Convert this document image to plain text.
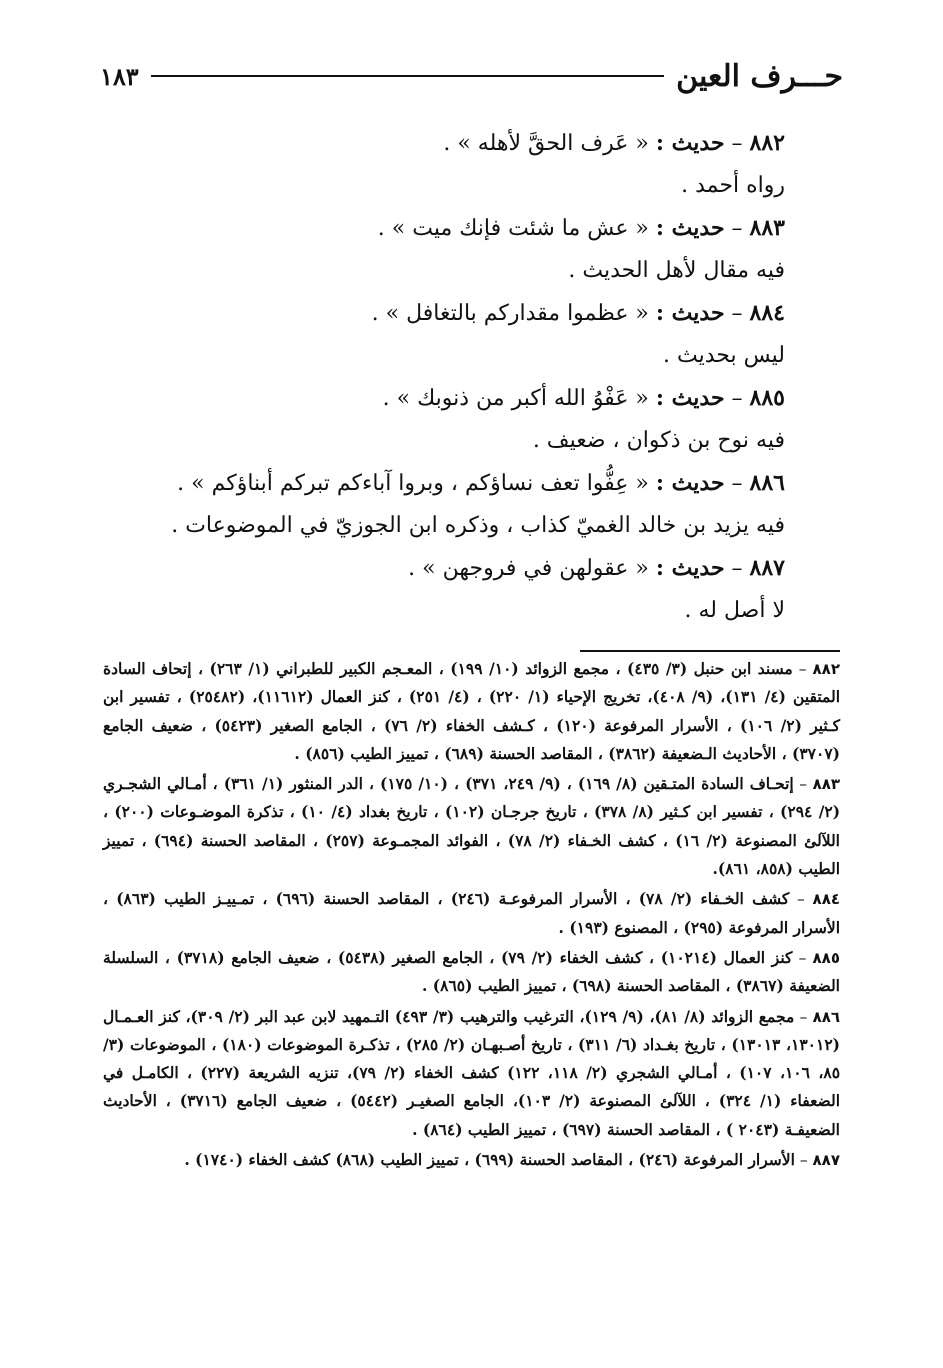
حـــرف العين
١٨٣
٨٨٢ – حديث : « عَرف الحقَّ لأهله » .
رواه أحمد .
٨٨٣ – حديث : « عش ما شئت فإنك ميت » .
فيه مقال لأهل الحديث .
٨٨٤ – حديث : « عظموا مقداركم بالتغافل » .
ليس بحديث .
٨٨٥ – حديث : « عَفْوُ الله أكبر من ذنوبك » .
فيه نوح بن ذكوان ، ضعيف .
٨٨٦ – حديث : « عِفُّوا تعف نساؤكم ، وبروا آباءكم تبركم أبناؤكم » .
فيه يزيد بن خالد الغميّ كذاب ، وذكره ابن الجوزيّ في الموضوعات .
٨٨٧ – حديث : « عقولهن في فروجهن » .
لا أصل له .
٨٨٢ – مسند ابن حنبل (٣/ ٤٣٥) ، مجمع الزوائد (١٠/ ١٩٩) ، المعـجم الكبير للطبراني (١/ ٢٦٣) ، إتحاف السادة المتقين (٤/ ١٣١)، (٩/ ٤٠٨)، تخريج الإحياء (١/ ٢٢٠) ، (٤/ ٢٥١) ، كنز العمال (١١٦١٢)، (٢٥٤٨٢) ، تفسير ابن كـثير (٢/ ١٠٦) ، الأسرار المرفوعة (١٢٠) ، كـشف الخفاء (٢/ ٧٦) ، الجامع الصغير (٥٤٢٣) ، ضعيف الجامع (٣٧٠٧) ، الأحاديث الـضعيفة (٣٨٦٢) ، المقاصد الحسنة (٦٨٩) ، تمييز الطيب (٨٥٦) .
٨٨٣ – إتحـاف السادة المتـقين (٨/ ١٦٩) ، (٩/ ٢٤٩، ٣٧١) ، (١٠/ ١٧٥) ، الدر المنثور (١/ ٣٦١) ، أمـالي الشجـري (٢/ ٢٩٤) ، تفسير ابن كـثير (٨/ ٣٧٨) ، تاريخ جرجـان (١٠٢) ، تاريخ بغداد (٤/ ١٠) ، تذكرة الموضـوعات (٢٠٠) ، اللآلئ المصنوعة (٢/ ١٦) ، كشف الخـفاء (٢/ ٧٨) ، الفوائد المجمـوعة (٢٥٧) ، المقاصد الحسنة (٦٩٤) ، تمييز الطيب (٨٥٨، ٨٦١).
٨٨٤ – كشف الخـفاء (٢/ ٧٨) ، الأسرار المرفوعـة (٢٤٦) ، المقاصد الحسنة (٦٩٦) ، تمـييـز الطيب (٨٦٣) ، الأسرار المرفوعة (٢٩٥) ، المصنوع (١٩٣) .
٨٨٥ – كنز العمال (١٠٢١٤) ، كشف الخفاء (٢/ ٧٩) ، الجامع الصغير (٥٤٣٨) ، ضعيف الجامع (٣٧١٨) ، السلسلة الضعيفة (٣٨٦٧) ، المقاصد الحسنة (٦٩٨) ، تمييز الطيب (٨٦٥) .
٨٨٦ – مجمع الزوائد (٨/ ٨١)، (٩/ ١٢٩)، الترغيب والترهيب (٣/ ٤٩٣) التـمهيد لابن عبد البر (٢/ ٣٠٩)، كنز العـمـال (١٣٠١٢، ١٣٠١٣) ، تاريخ بغـداد (٦/ ٣١١) ، تاريخ أصـبهـان (٢/ ٢٨٥) ، تذكـرة الموضوعات (١٨٠) ، الموضوعات (٣/ ٨٥، ١٠٦، ١٠٧) ، أمـالي الشجري (٢/ ١١٨، ١٢٢) كشف الخفاء (٢/ ٧٩)، تنزيه الشريعة (٢٢٧) ، الكامـل في الضعفاء (١/ ٣٢٤) ، اللآلئ المصنوعة (٢/ ١٠٣)، الجامع الصغيـر (٥٤٤٢) ، ضعيف الجامع (٣٧١٦) ، الأحاديث الضعيفـة (٢٠٤٣ ) ، المقاصد الحسنة (٦٩٧) ، تمييز الطيب (٨٦٤) .
٨٨٧ – الأسرار المرفوعة (٢٤٦) ، المقاصد الحسنة (٦٩٩) ، تمييز الطيب (٨٦٨) كشف الخفاء (١٧٤٠) .
